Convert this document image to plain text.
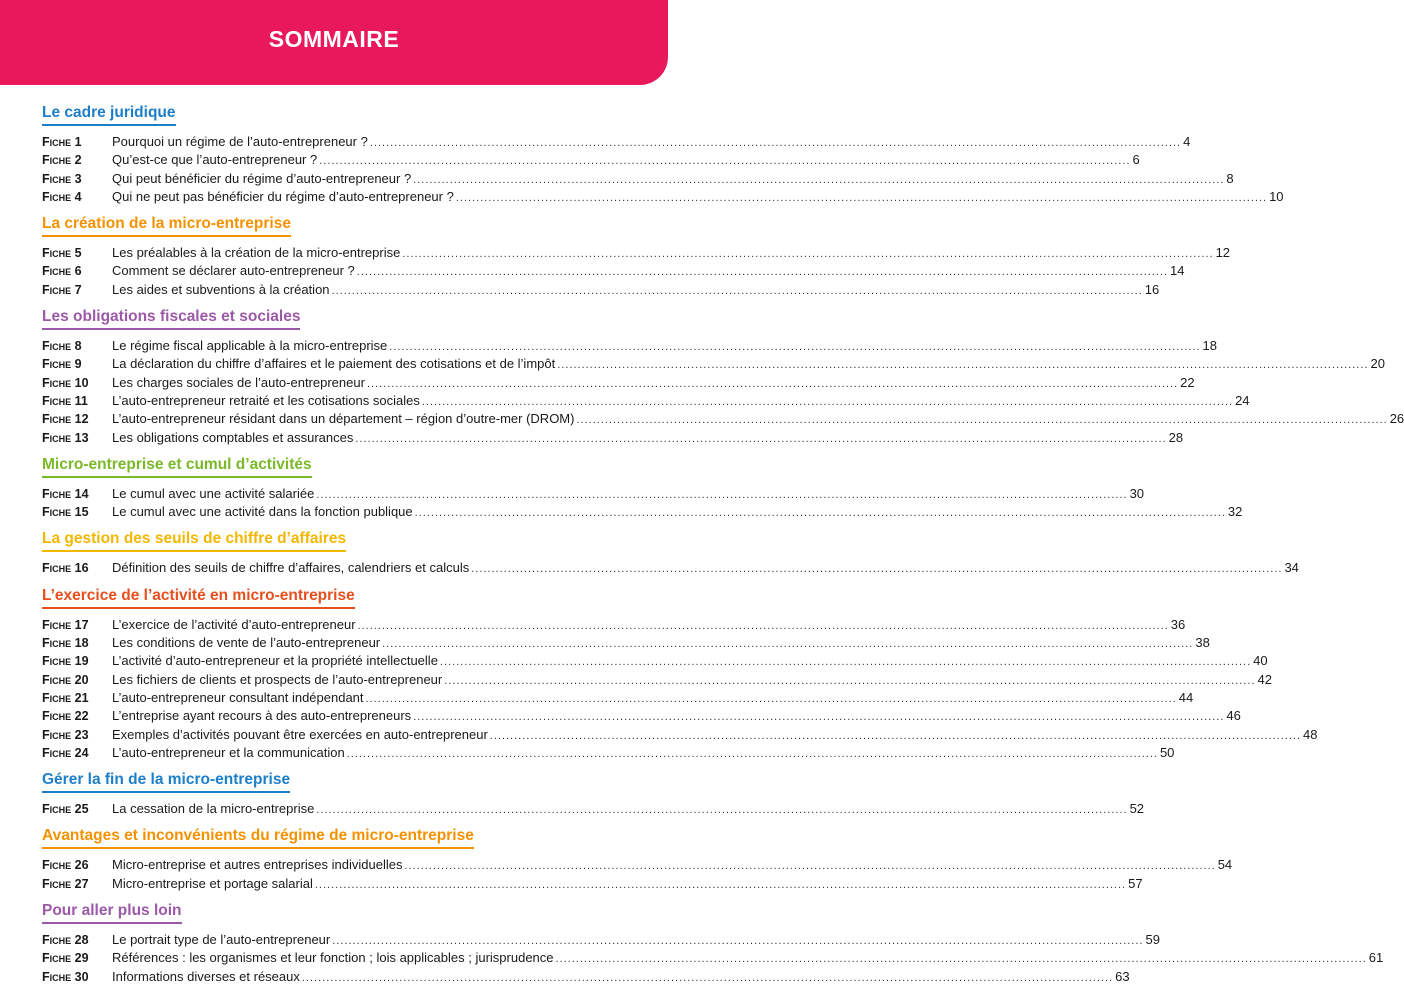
SOMMAIRE
Le cadre juridique
Fiche 1	Pourquoi un régime de l’auto-entrepreneur ? .....	4
Fiche 2	Qu’est-ce que l’auto-entrepreneur ? .....	6
Fiche 3	Qui peut bénéficier du régime d’auto-entrepreneur ? .....	8
Fiche 4	Qui ne peut pas bénéficier du régime d’auto-entrepreneur ? .....	10
La création de la micro-entreprise
Fiche 5	Les préalables à la création de la micro-entreprise .....	12
Fiche 6	Comment se déclarer auto-entrepreneur ? .....	14
Fiche 7	Les aides et subventions à la création .....	16
Les obligations fiscales et sociales
Fiche 8	Le régime fiscal applicable à la micro-entreprise .....	18
Fiche 9	La déclaration du chiffre d’affaires et le paiement des cotisations et de l’impôt .....	20
Fiche 10	Les charges sociales de l’auto-entrepreneur .....	22
Fiche 11	L’auto-entrepreneur retraité et les cotisations sociales .....	24
Fiche 12	L’auto-entrepreneur résidant dans un département – région d’outre-mer (DROM) .....	26
Fiche 13	Les obligations comptables et assurances .....	28
Micro-entreprise et cumul d’activités
Fiche 14	Le cumul avec une activité salariée .....	30
Fiche 15	Le cumul avec une activité dans la fonction publique .....	32
La gestion des seuils de chiffre d’affaires
Fiche 16	Définition des seuils de chiffre d’affaires, calendriers et calculs .....	34
L’exercice de l’activité en micro-entreprise
Fiche 17	L’exercice de l’activité d’auto-entrepreneur .....	36
Fiche 18	Les conditions de vente de l’auto-entrepreneur .....	38
Fiche 19	L’activité d’auto-entrepreneur et la propriété intellectuelle .....	40
Fiche 20	Les fichiers de clients et prospects de l’auto-entrepreneur .....	42
Fiche 21	L’auto-entrepreneur consultant indépendant .....	44
Fiche 22	L’entreprise ayant recours à des auto-entrepreneurs .....	46
Fiche 23	Exemples d’activités pouvant être exercées en auto-entrepreneur .....	48
Fiche 24	L’auto-entrepreneur et la communication .....	50
Gérer la fin de la micro-entreprise
Fiche 25	La cessation de la micro-entreprise .....	52
Avantages et inconvénients du régime de micro-entreprise
Fiche 26	Micro-entreprise et autres entreprises individuelles .....	54
Fiche 27	Micro-entreprise et portage salarial .....	57
Pour aller plus loin
Fiche 28	Le portrait type de l’auto-entrepreneur .....	59
Fiche 29	Références : les organismes et leur fonction ; lois applicables ; jurisprudence .....	61
Fiche 30	Informations diverses et réseaux .....	63
